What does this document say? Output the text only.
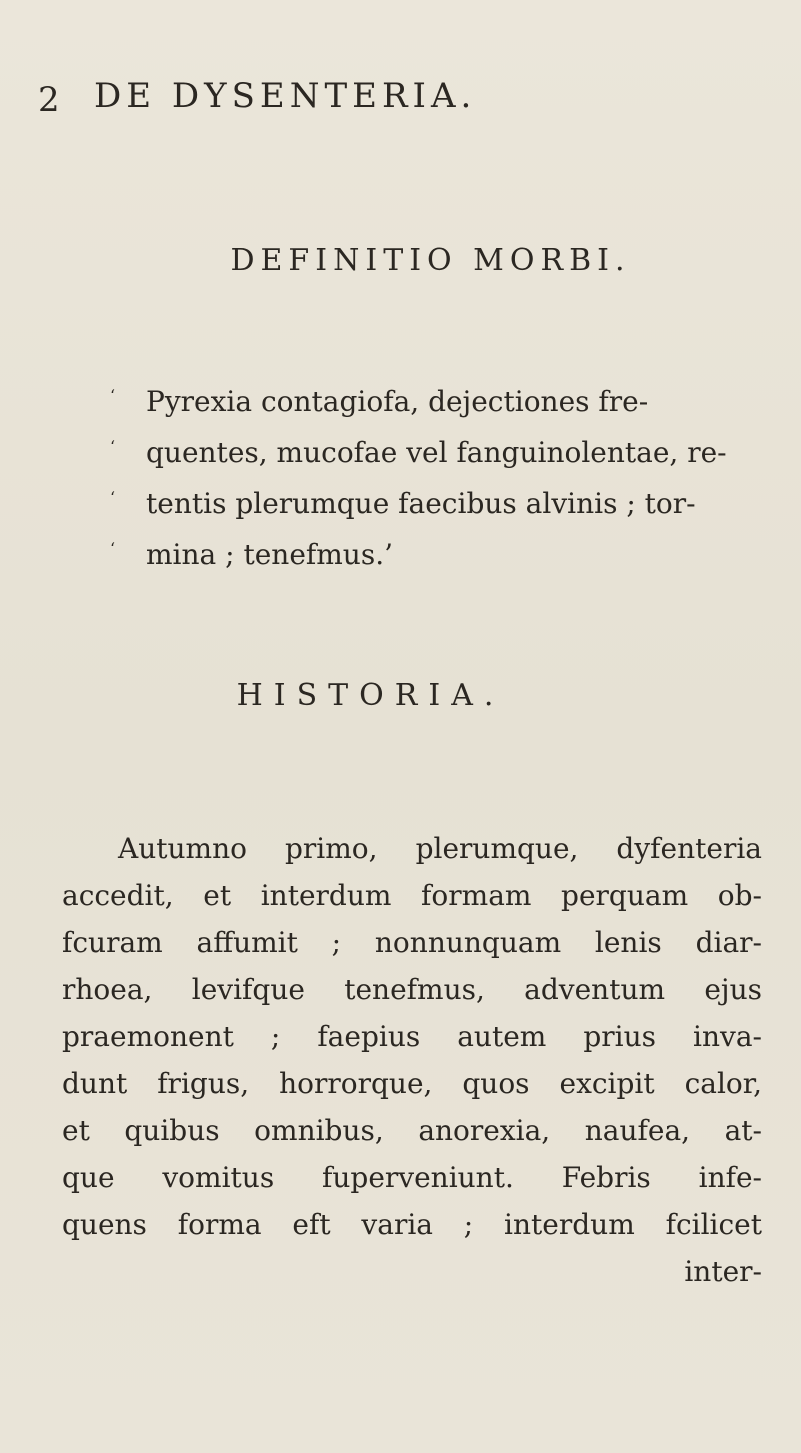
2 DE DYSENTERIA.
DEFINITIO MORBI.
‘ Pyrexia contagiofa, dejectiones fre-
‘ quentes, mucofae vel fanguinolentae, re-
‘ tentis plerumque faecibus alvinis ; tor-
‘ mina ; tenefmus.’
HISTORIA.
Autumno primo, plerumque, dyfenteria
accedit, et interdum formam perquam ob-
fcuram affumit ; nonnunquam lenis diar-
rhoea, levifque tenefmus, adventum ejus
praemonent ; faepius autem prius inva-
dunt frigus, horrorque, quos excipit calor,
et quibus omnibus, anorexia, naufea, at-
que vomitus fuperveniunt. Febris infe-
quens forma eft varia ; interdum fcilicet
inter-
